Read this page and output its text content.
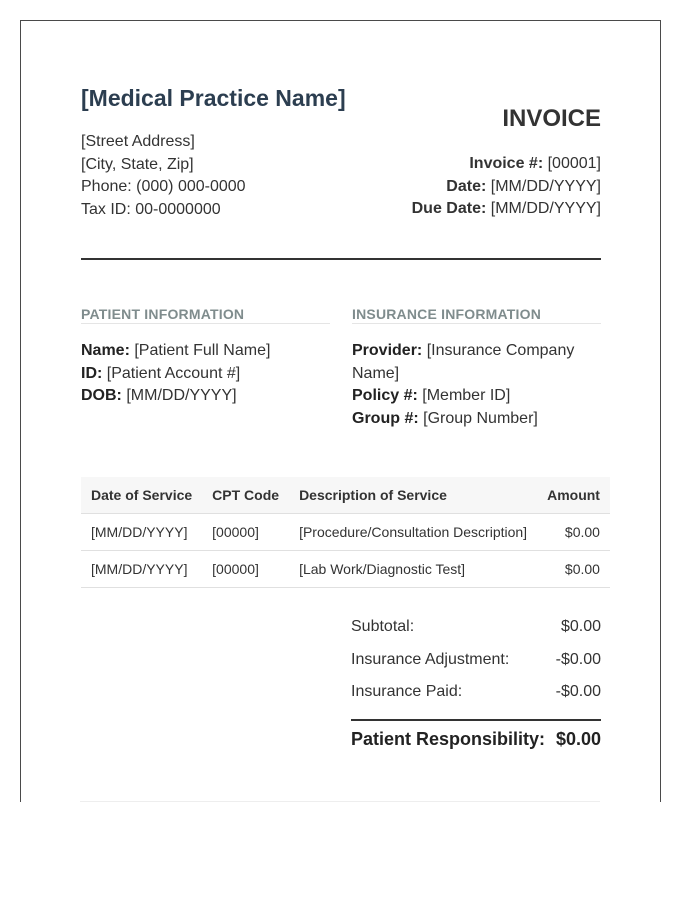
[Medical Practice Name]
[Street Address]
[City, State, Zip]
Phone: (000) 000-0000
Tax ID: 00-0000000
INVOICE
Invoice #: [00001]
Date: [MM/DD/YYYY]
Due Date: [MM/DD/YYYY]
PATIENT INFORMATION	INSURANCE INFORMATION
Name: [Patient Full Name]
ID: [Patient Account #]
DOB: [MM/DD/YYYY]
Provider: [Insurance Company
Name]
Policy #: [Member ID]
Group #: [Group Number]
Date of Service	CPT Code	Description of Service	Amount
[MM/DD/YYYY]	[00000]	[Procedure/Consultation Description]	$0.00
[MM/DD/YYYY]	[00000]	[Lab Work/Diagnostic Test]	$0.00
Subtotal:	$0.00
Insurance Adjustment:	-$0.00
Insurance Paid:	-$0.00
Patient Responsibility: $0.00
